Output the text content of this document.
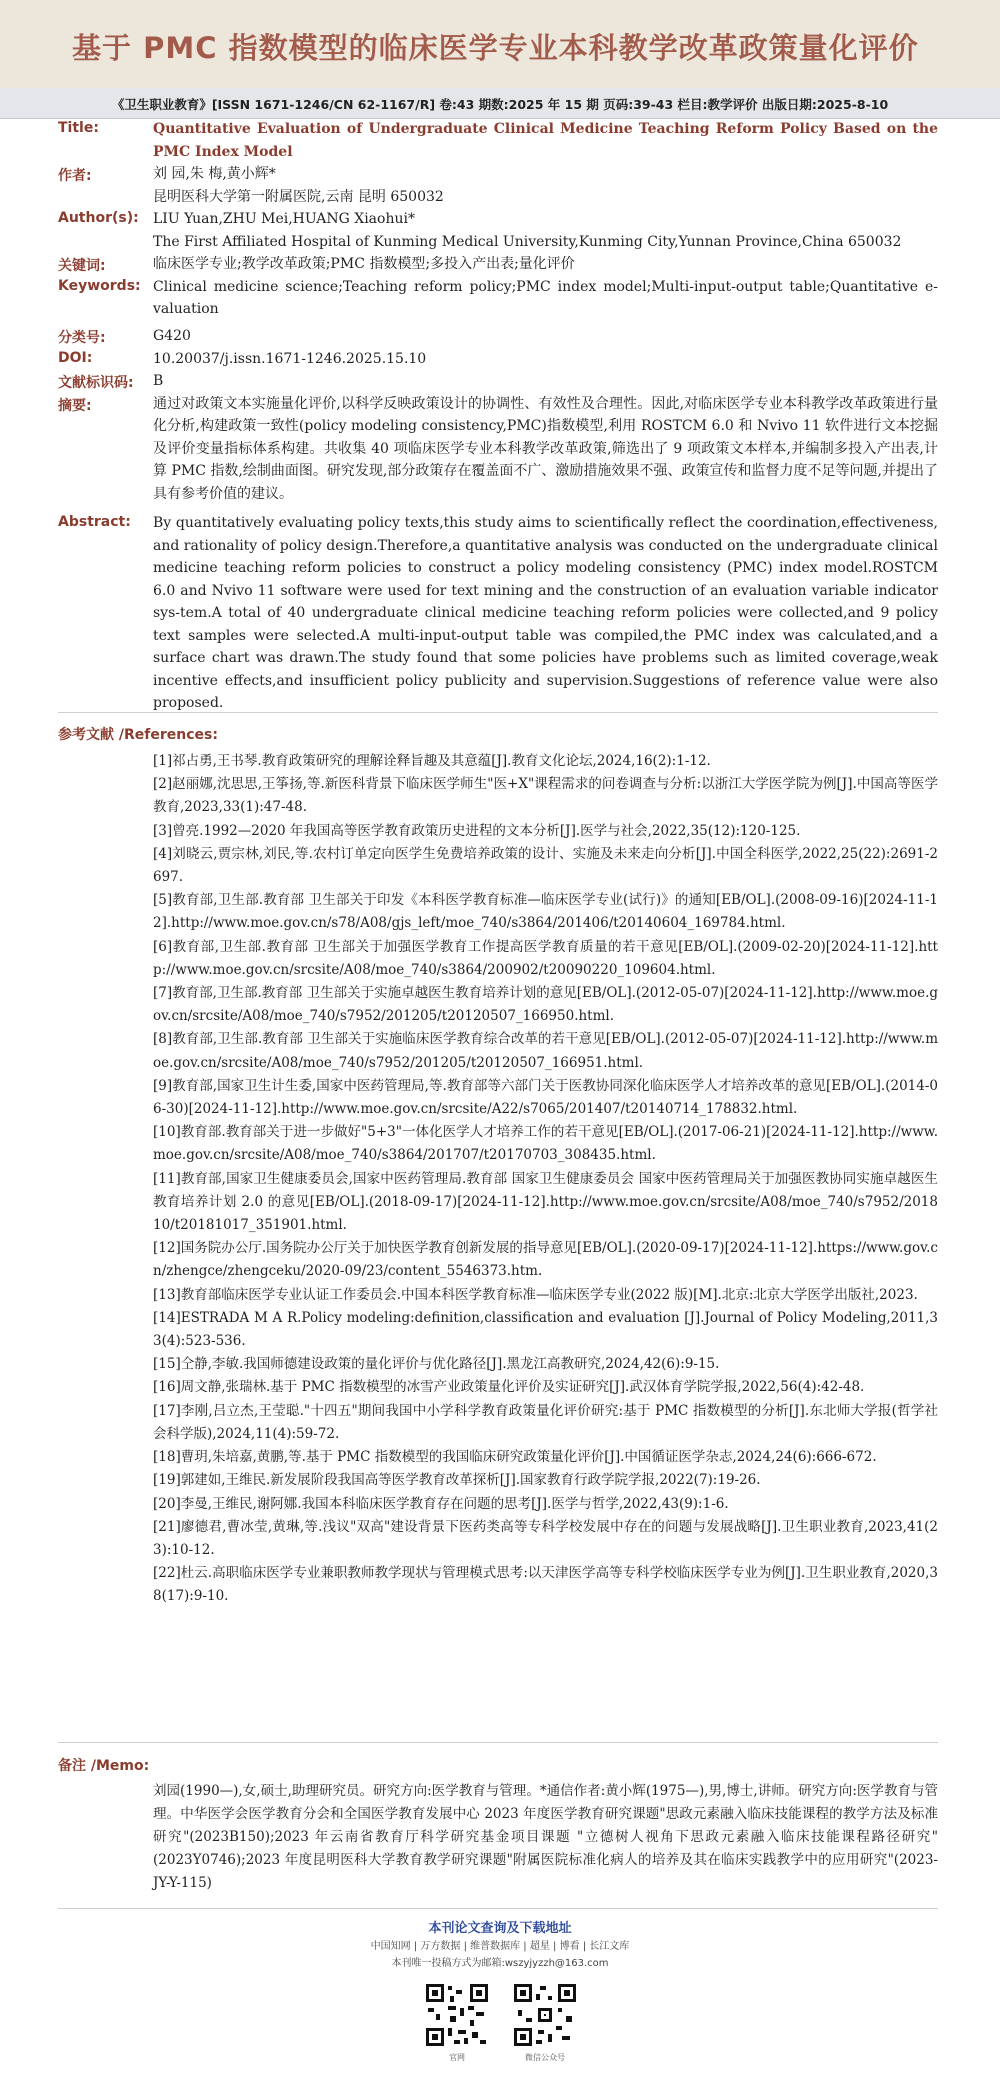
基于 PMC 指数模型的临床医学专业本科教学改革政策量化评价
《卫生职业教育》[ISSN 1671-1246/CN 62-1167/R] 卷:43 期数:2025 年 15 期 页码:39-43 栏目:教学评价 出版日期:2025-8-10
Title:	Quantitative Evaluation of Undergraduate Clinical Medicine Teaching Reform Policy Based on the PMC Index Model
作者:	刘 园,朱 梅,黄小辉*
昆明医科大学第一附属医院,云南 昆明 650032
Author(s):	LIU Yuan,ZHU Mei,HUANG Xiaohui*
The First Affiliated Hospital of Kunming Medical University,Kunming City,Yunnan Province,China 650032
关键词:	临床医学专业;教学改革政策;PMC 指数模型;多投入产出表;量化评价
Keywords: Clinical medicine science;Teaching reform policy;PMC index model;Multi-input-output table;Quantitative e-valuation
分类号:	G420
DOI:	10.20037/j.issn.1671-1246.2025.15.10
文献标识码:	B
摘要:	通过对政策文本实施量化评价,以科学反映政策设计的协调性、有效性及合理性。因此,对临床医学专业本科教学改革政策进行量化分析,构建政策一致性(policy modeling consistency,PMC)指数模型,利用 ROSTCM 6.0 和 Nvivo 11 软件进行文本挖掘及评价变量指标体系构建。共收集 40 项临床医学专业本科教学改革政策,筛选出了 9 项政策文本样本,并编制多投入产出表,计算 PMC 指数,绘制曲面图。研究发现,部分政策存在覆盖面不广、激励措施效果不强、政策宣传和监督力度不足等问题,并提出了具有参考价值的建议。
Abstract:	By quantitatively evaluating policy texts,this study aims to scientifically reflect the coordination,effectiveness, and rationality of policy design.Therefore,a quantitative analysis was conducted on the undergraduate clinical medicine teaching reform policies to construct a policy modeling consistency (PMC) index model.ROSTCM 6.0 and Nvivo 11 software were used for text mining and the construction of an evaluation variable indicator sys-tem.A total of 40 undergraduate clinical medicine teaching reform policies were collected,and 9 policy text samples were selected.A multi-input-output table was compiled,the PMC index was calculated,and a surface chart was drawn.The study found that some policies have problems such as limited coverage,weak incentive effects,and insufficient policy publicity and supervision.Suggestions of reference value were also proposed.
参考文献 /References:
[1]祁占勇,王书琴.教育政策研究的理解诠释旨趣及其意蕴[J].教育文化论坛,2024,16(2):1-12.
[2]赵丽娜,沈思思,王筝扬,等.新医科背景下临床医学师生"医+X"课程需求的问卷调查与分析:以浙江大学医学院为例[J].中国高等医学教育,2023,33(1):47-48.
[3]曾亮.1992—2020 年我国高等医学教育政策历史进程的文本分析[J].医学与社会,2022,35(12):120-125.
[4]刘晓云,贾宗林,刘民,等.农村订单定向医学生免费培养政策的设计、实施及未来走向分析[J].中国全科医学,2022,25(22):2691-2697.
[5]教育部,卫生部.教育部 卫生部关于印发《本科医学教育标准—临床医学专业(试行)》的通知[EB/OL].(2008-09-16)[2024-11-12].http://www.moe.gov.cn/s78/A08/gjs_left/moe_740/s3864/201406/t20140604_169784.html.
[6]教育部,卫生部.教育部 卫生部关于加强医学教育工作提高医学教育质量的若干意见[EB/OL].(2009-02-20)[2024-11-12].http://www.moe.gov.cn/srcsite/A08/moe_740/s3864/200902/t20090220_109604.html.
[7]教育部,卫生部.教育部 卫生部关于实施卓越医生教育培养计划的意见[EB/OL].(2012-05-07)[2024-11-12].http://www.moe.gov.cn/srcsite/A08/moe_740/s7952/201205/t20120507_166950.html.
[8]教育部,卫生部.教育部 卫生部关于实施临床医学教育综合改革的若干意见[EB/OL].(2012-05-07)[2024-11-12].http://www.moe.gov.cn/srcsite/A08/moe_740/s7952/201205/t20120507_166951.html.
[9]教育部,国家卫生计生委,国家中医药管理局,等.教育部等六部门关于医教协同深化临床医学人才培养改革的意见[EB/OL].(2014-06-30)[2024-11-12].http://www.moe.gov.cn/srcsite/A22/s7065/201407/t20140714_178832.html.
[10]教育部.教育部关于进一步做好"5+3"一体化医学人才培养工作的若干意见[EB/OL].(2017-06-21)[2024-11-12].http://www.moe.gov.cn/srcsite/A08/moe_740/s3864/201707/t20170703_308435.html.
[11]教育部,国家卫生健康委员会,国家中医药管理局.教育部 国家卫生健康委员会 国家中医药管理局关于加强医教协同实施卓越医生教育培养计划 2.0 的意见[EB/OL].(2018-09-17)[2024-11-12].http://www.moe.gov.cn/srcsite/A08/moe_740/s7952/201810/t20181017_351901.html.
[12]国务院办公厅.国务院办公厅关于加快医学教育创新发展的指导意见[EB/OL].(2020-09-17)[2024-11-12].https://www.gov.cn/zhengce/zhengceku/2020-09/23/content_5546373.htm.
[13]教育部临床医学专业认证工作委员会.中国本科医学教育标准—临床医学专业(2022 版)[M].北京:北京大学医学出版社,2023.
[14]ESTRADA M A R.Policy modeling:definition,classification and evaluation [J].Journal of Policy Modeling,2011,33(4):523-536.
[15]仝静,李敏.我国师德建设政策的量化评价与优化路径[J].黑龙江高教研究,2024,42(6):9-15.
[16]周文静,张瑞林.基于 PMC 指数模型的冰雪产业政策量化评价及实证研究[J].武汉体育学院学报,2022,56(4):42-48.
[17]李刚,吕立杰,王莹聪."十四五"期间我国中小学科学教育政策量化评价研究:基于 PMC 指数模型的分析[J].东北师大学报(哲学社会科学版),2024,11(4):59-72.
[18]曹玥,朱培嘉,黄鹏,等.基于 PMC 指数模型的我国临床研究政策量化评价[J].中国循证医学杂志,2024,24(6):666-672.
[19]郭建如,王维民.新发展阶段我国高等医学教育改革探析[J].国家教育行政学院学报,2022(7):19-26.
[20]李曼,王维民,谢阿娜.我国本科临床医学教育存在问题的思考[J].医学与哲学,2022,43(9):1-6.
[21]廖德君,曹冰莹,黄琳,等.浅议"双高"建设背景下医药类高等专科学校发展中存在的问题与发展战略[J].卫生职业教育,2023,41(23):10-12.
[22]杜云.高职临床医学专业兼职教师教学现状与管理模式思考:以天津医学高等专科学校临床医学专业为例[J].卫生职业教育,2020,38(17):9-10.
备注 /Memo:
刘园(1990—),女,硕士,助理研究员。研究方向:医学教育与管理。*通信作者:黄小辉(1975—),男,博士,讲师。研究方向:医学教育与管理。中华医学会医学教育分会和全国医学教育发展中心 2023 年度医学教育研究课题"思政元素融入临床技能课程的教学方法及标准研究"(2023B150);2023 年云南省教育厅科学研究基金项目课题 "立德树人视角下思政元素融入临床技能课程路径研究"(2023Y0746);2023 年度昆明医科大学教育教学研究课题"附属医院标准化病人的培养及其在临床实践教学中的应用研究"(2023-JY-Y-115)
本刊论文查询及下载地址
中国知网 | 万方数据 | 维普数据库 | 超星 | 博看 | 长江文库
本刊唯一投稿方式为邮箱:wszyjyzzh@163.com
官网	微信公众号
